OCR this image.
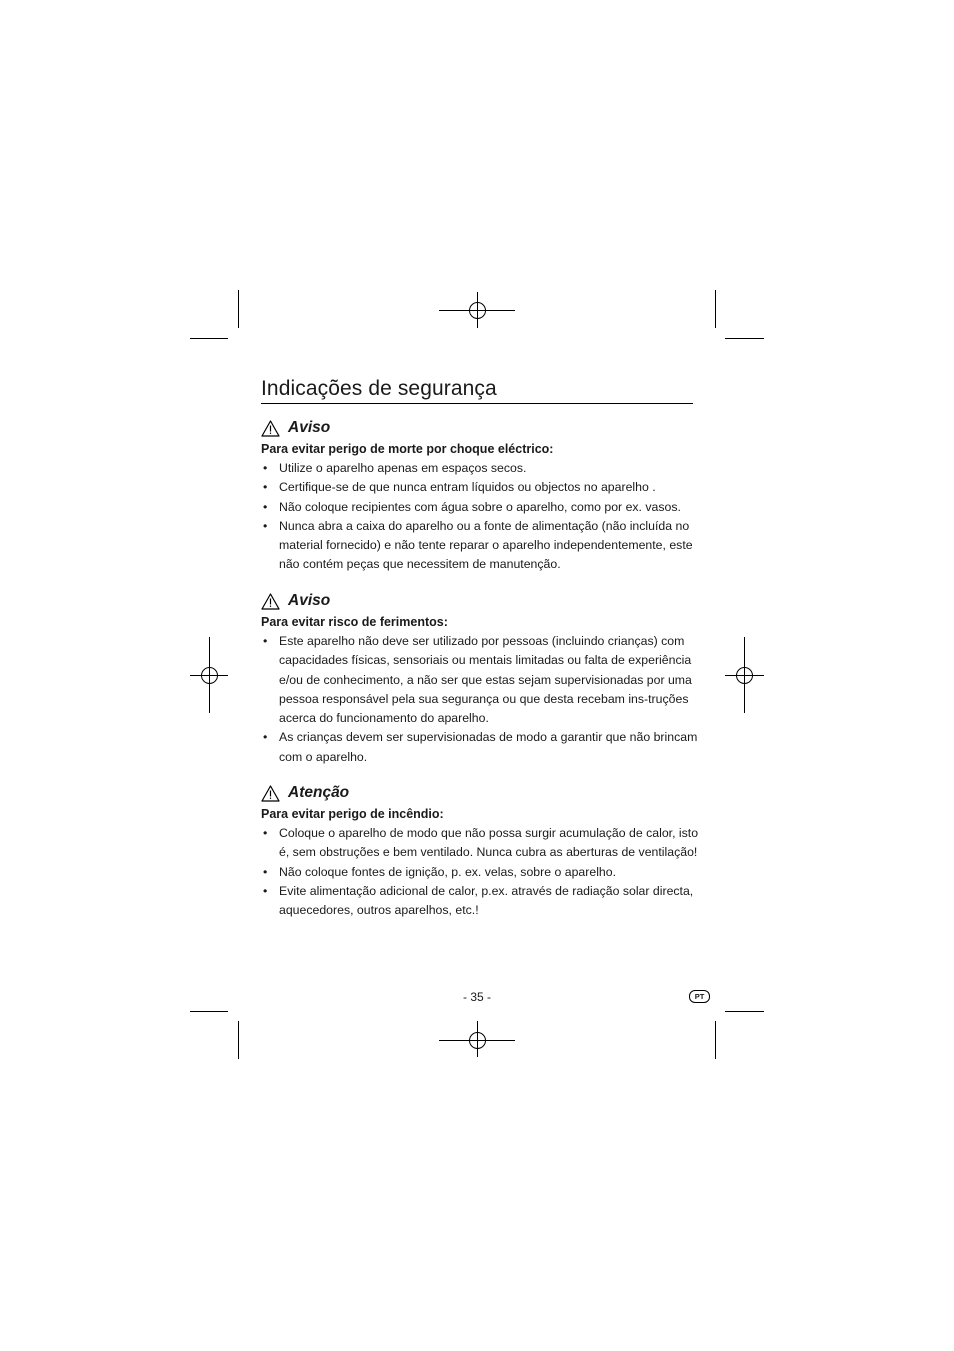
Indicações de segurança
Aviso
Para evitar perigo de morte por choque eléctrico:
• Utilize o aparelho apenas em espaços secos.
• Certifique-se de que nunca entram líquidos ou objectos no aparelho .
• Não coloque recipientes com água sobre o aparelho, como por ex. vasos.
• Nunca abra a caixa do aparelho ou a fonte de alimentação (não incluída no material fornecido) e não tente reparar o aparelho independentemente, este não contém peças que necessitem de manutenção.
Aviso
Para evitar risco de ferimentos:
• Este aparelho não deve ser utilizado por pessoas (incluindo crianças) com capacidades físicas, sensoriais ou mentais limitadas ou falta de experiência e/ou de conhecimento, a não ser que estas sejam supervisionadas por uma pessoa responsável pela sua segurança ou que desta recebam ins-truções acerca do funcionamento do aparelho.
• As crianças devem ser supervisionadas de modo a garantir que não brincam com o aparelho.
Atenção
Para evitar perigo de incêndio:
• Coloque o aparelho de modo que não possa surgir acumulação de calor, isto é, sem obstruções e bem ventilado. Nunca cubra as aberturas de ventilação!
• Não coloque fontes de ignição, p. ex. velas, sobre o aparelho.
• Evite alimentação adicional de calor, p.ex. através de radiação solar directa, aquecedores, outros aparelhos, etc.!
- 35 -	PT
